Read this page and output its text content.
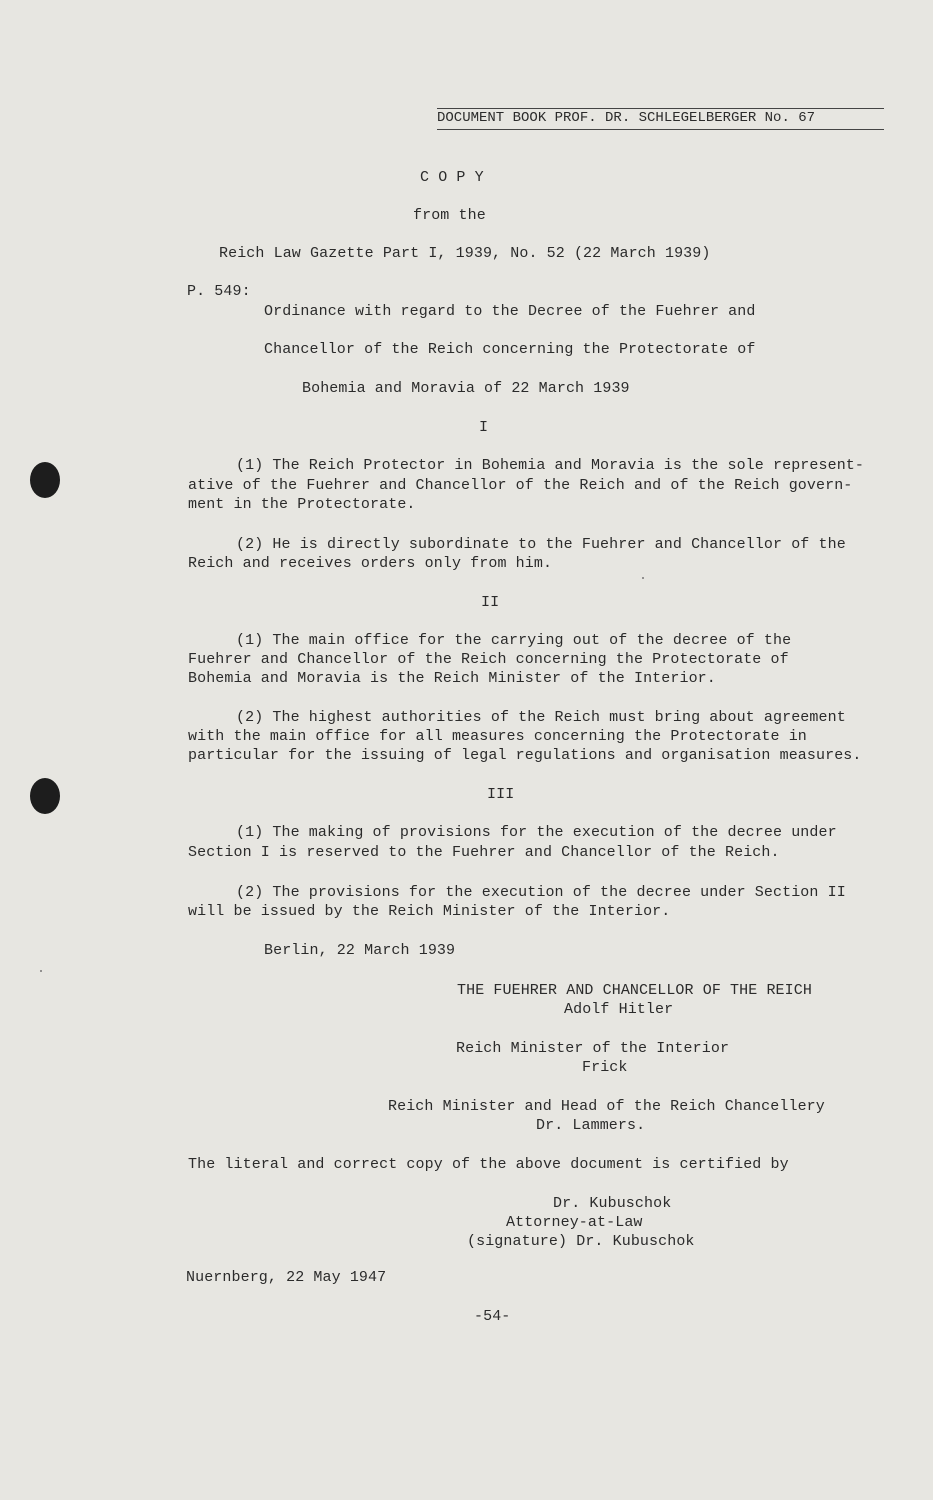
DOCUMENT BOOK PROF. DR. SCHLEGELBERGER No. 67
C O P Y
from the
Reich Law Gazette Part I, 1939, No. 52 (22 March 1939)
P. 549:
Ordinance with regard to the Decree of the Fuehrer and
Chancellor of the Reich concerning the Protectorate of
Bohemia and Moravia of 22 March 1939
I
(1) The Reich Protector in Bohemia and Moravia is the sole represent-
ative of the Fuehrer and Chancellor of the Reich and of the Reich govern-
ment in the Protectorate.
(2) He is directly subordinate to the Fuehrer and Chancellor of the
Reich and receives orders only from him.
II
(1) The main office for the carrying out of the decree of the
Fuehrer and Chancellor of the Reich concerning the Protectorate of
Bohemia and Moravia is the Reich Minister of the Interior.
(2) The highest authorities of the Reich must bring about agreement
with the main office for all measures concerning the Protectorate in
particular for the issuing of legal regulations and organisation measures.
III
(1) The making of provisions for the execution of the decree under
Section I is reserved to the Fuehrer and Chancellor of the Reich.
(2) The provisions for the execution of the decree under Section II
will be issued by the Reich Minister of the Interior.
Berlin, 22 March 1939
THE FUEHRER AND CHANCELLOR OF THE REICH
Adolf Hitler
Reich Minister of the Interior
Frick
Reich Minister and Head of the Reich Chancellery
Dr. Lammers.
The literal and correct copy of the above document is certified by
Dr. Kubuschok
Attorney-at-Law
(signature) Dr. Kubuschok
Nuernberg, 22 May 1947
-54-
